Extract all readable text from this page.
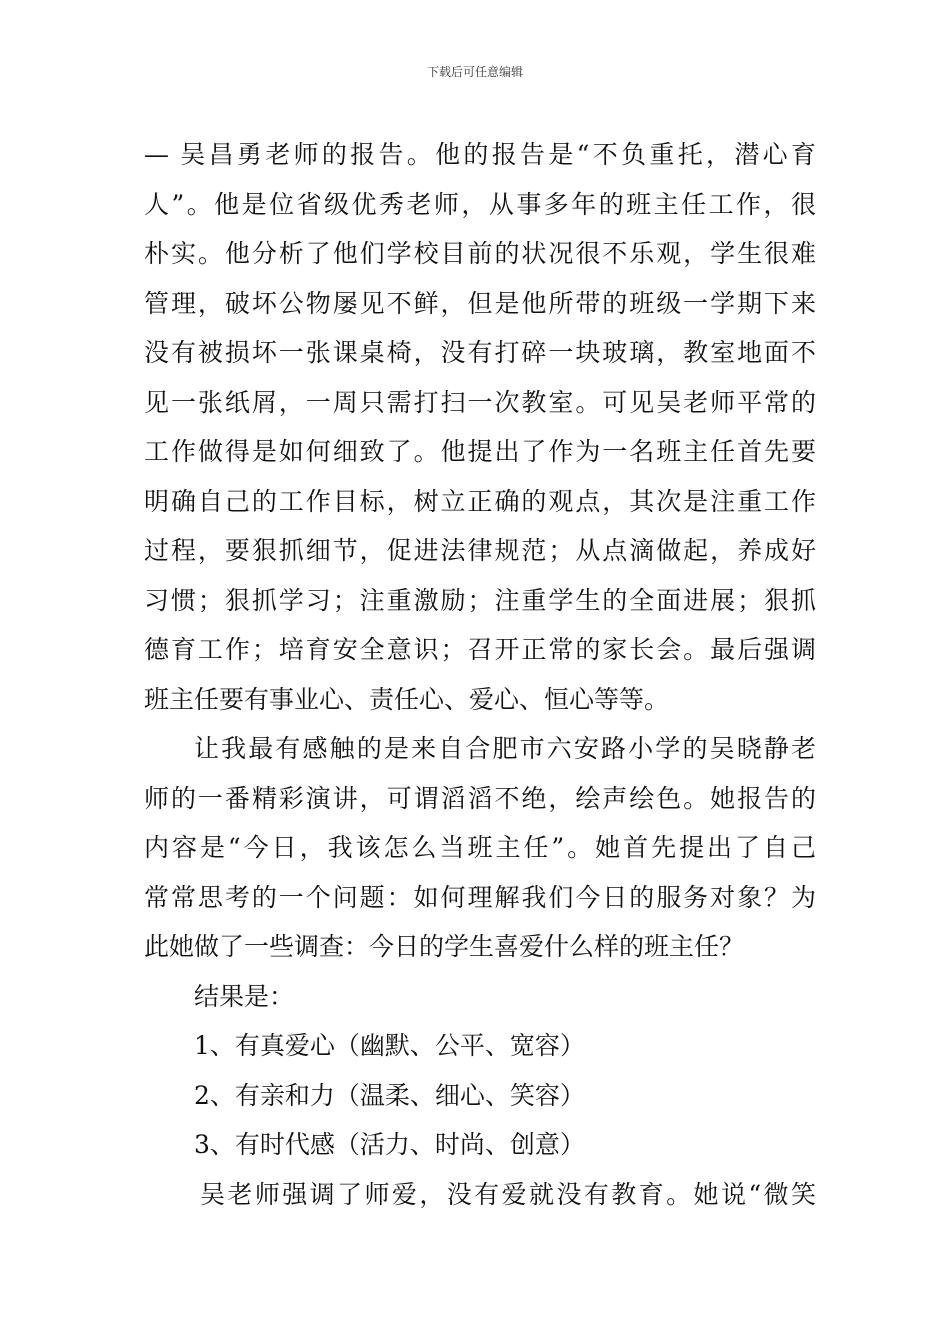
下载后可任意编辑
— 吴昌勇老师的报告。他的报告是“不负重托，潜心育
人”。他是位省级优秀老师，从事多年的班主任工作，很
朴实。他分析了他们学校目前的状况很不乐观，学生很难
管理，破坏公物屡见不鲜，但是他所带的班级一学期下来
没有被损坏一张课桌椅，没有打碎一块玻璃，教室地面不
见一张纸屑，一周只需打扫一次教室。可见吴老师平常的
工作做得是如何细致了。他提出了作为一名班主任首先要
明确自己的工作目标，树立正确的观点，其次是注重工作
过程，要狠抓细节，促进法律规范；从点滴做起，养成好
习惯；狠抓学习；注重激励；注重学生的全面进展；狠抓
德育工作；培育安全意识；召开正常的家长会。最后强调
班主任要有事业心、责任心、爱心、恒心等等。
让我最有感触的是来自合肥市六安路小学的吴晓静老
师的一番精彩演讲，可谓滔滔不绝，绘声绘色。她报告的
内容是“今日，我该怎么当班主任”。她首先提出了自己
常常思考的一个问题：如何理解我们今日的服务对象？为
此她做了一些调查：今日的学生喜爱什么样的班主任？
结果是：
1、有真爱心（幽默、公平、宽容）
2、有亲和力（温柔、细心、笑容）
3、有时代感（活力、时尚、创意）
吴老师强调了师爱，没有爱就没有教育。她说“微笑
